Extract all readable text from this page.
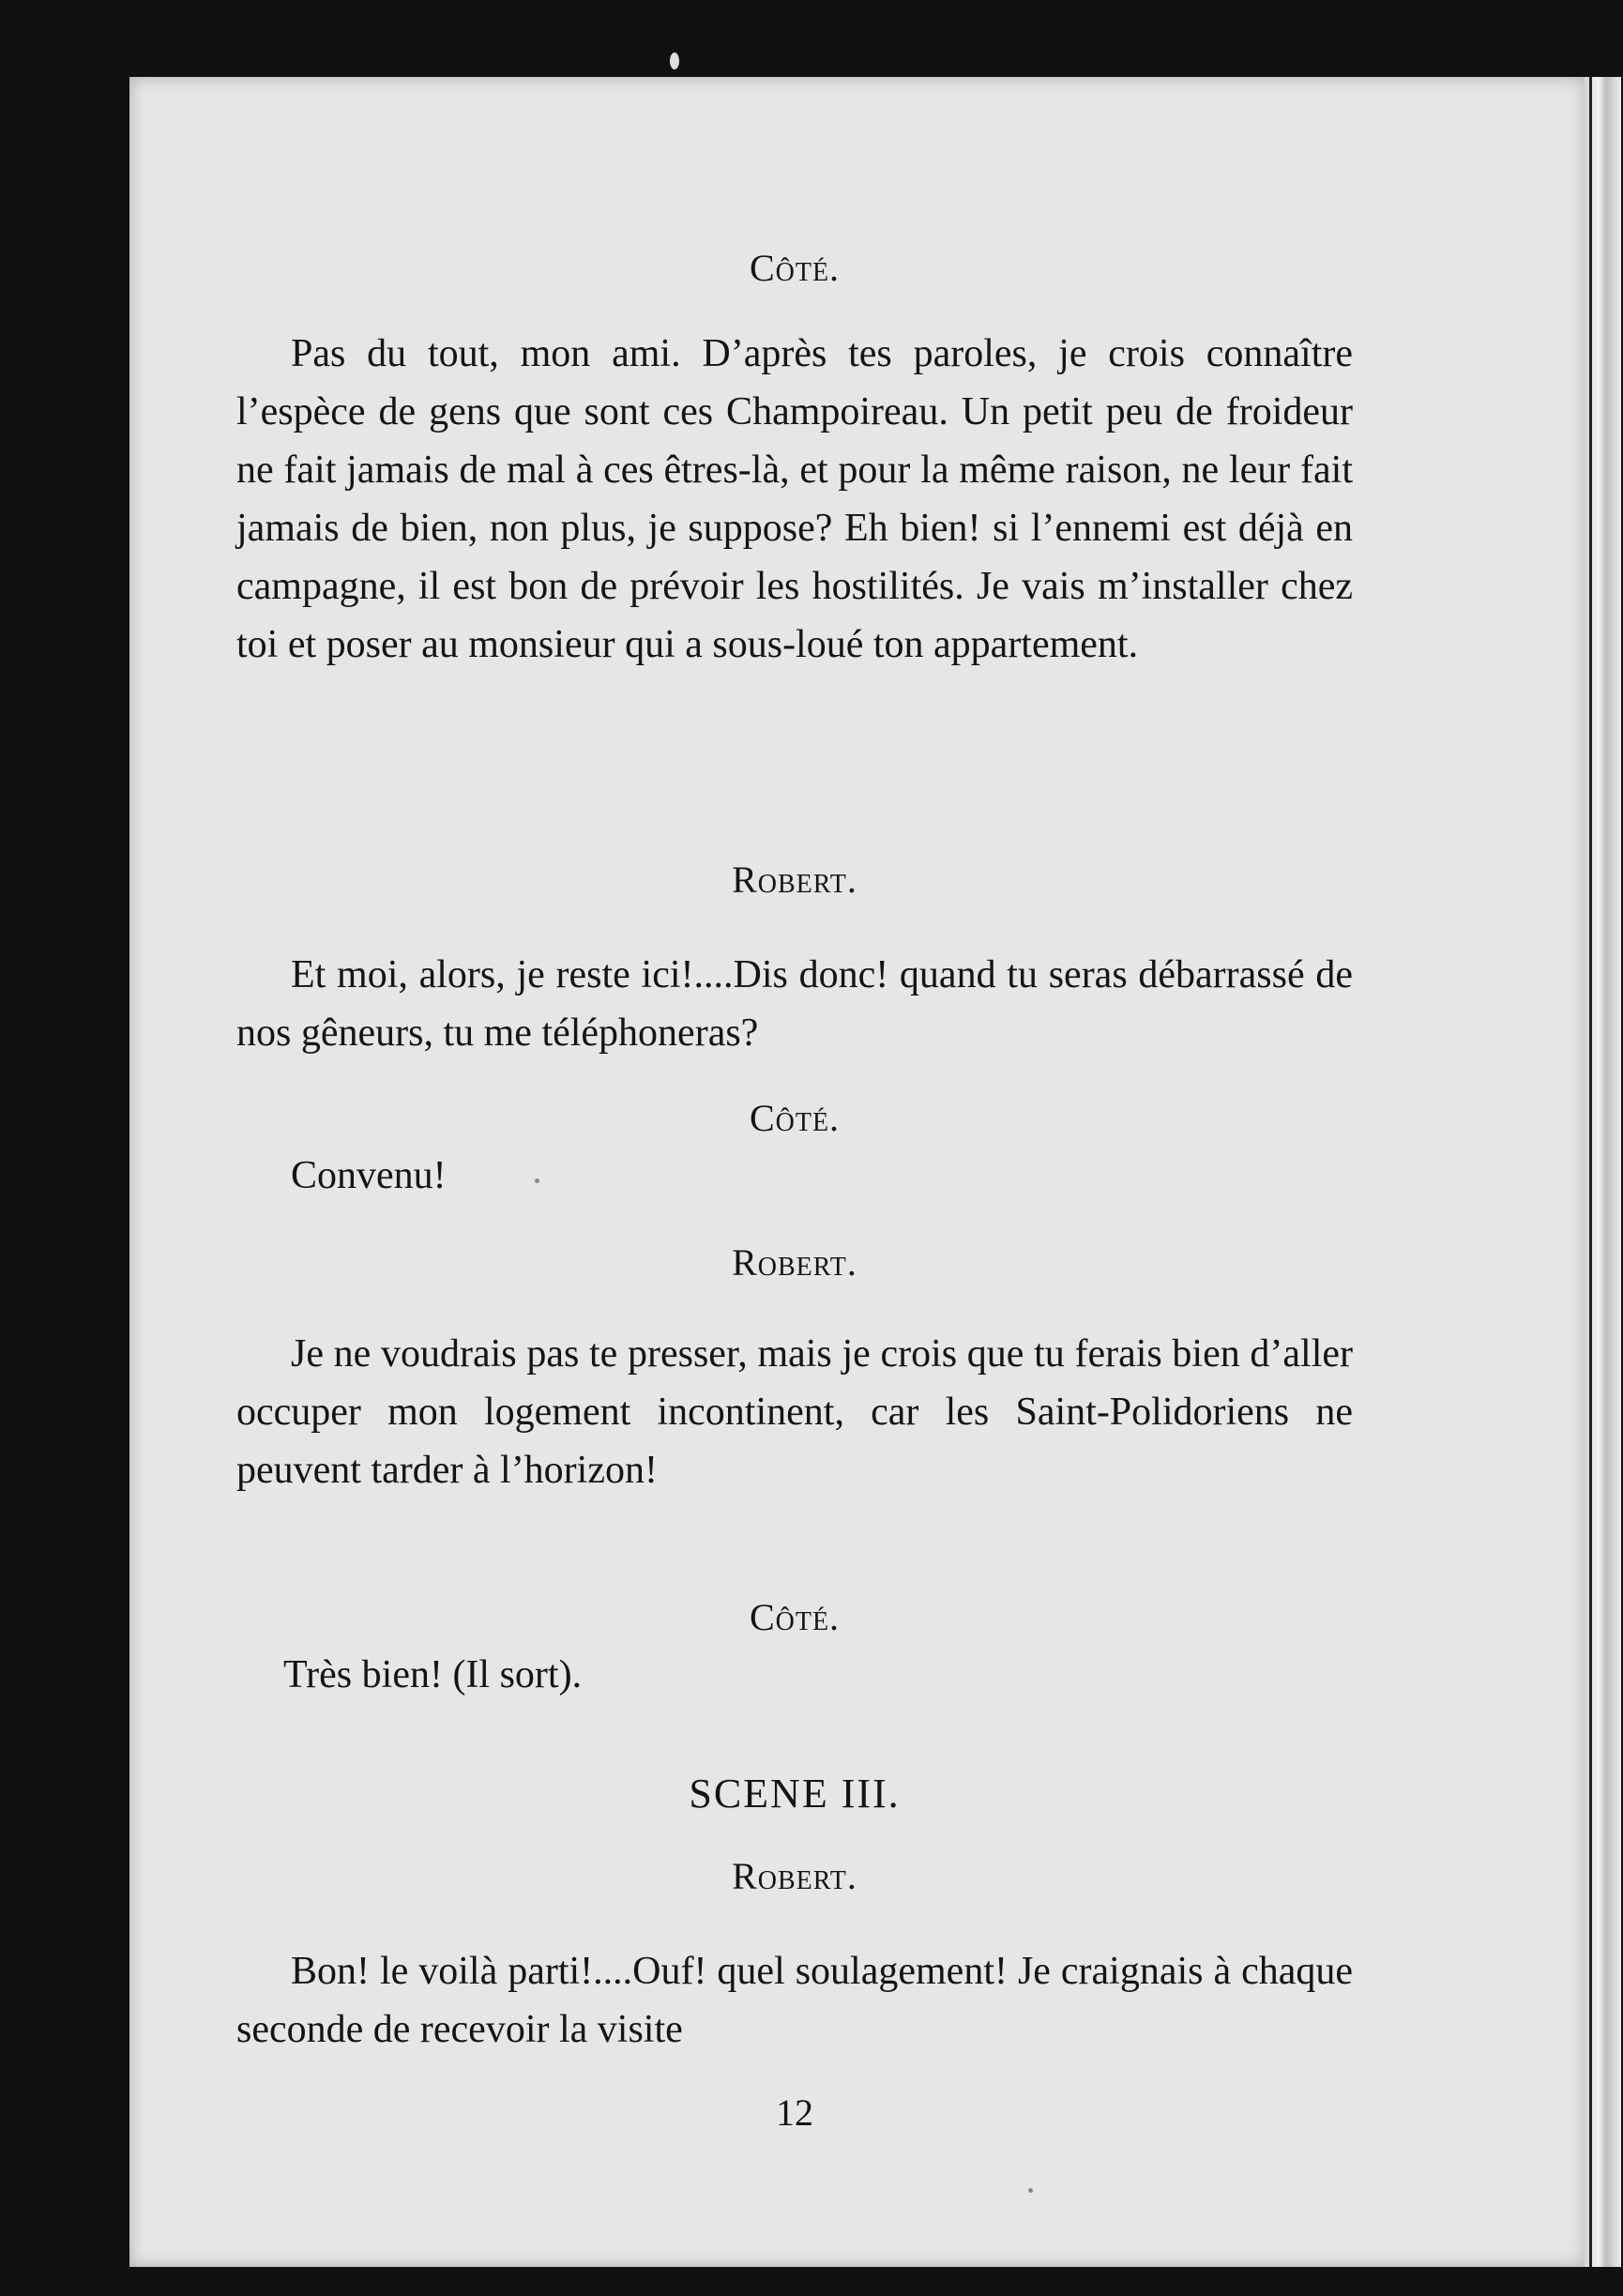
Côté.

Pas du tout, mon ami. D’après tes paroles, je crois connaître l’espèce de gens que sont ces Champoireau. Un petit peu de froideur ne fait jamais de mal à ces êtres-là, et pour la même raison, ne leur fait jamais de bien, non plus, je suppose? Eh bien! si l’ennemi est déjà en campagne, il est bon de prévoir les hostilités. Je vais m’installer chez toi et poser au monsieur qui a sous-loué ton appartement.

Robert.

Et moi, alors, je reste ici!....Dis donc! quand tu seras débarrassé de nos gêneurs, tu me téléphoneras?

Côté.

Convenu!

Robert.

Je ne voudrais pas te presser, mais je crois que tu ferais bien d’aller occuper mon logement incontinent, car les Saint-Polidoriens ne peuvent tarder à l’horizon!

Côté.

Très bien! (Il sort).

SCENE III.
Robert.

Bon! le voilà parti!....Ouf! quel soulagement! Je craignais à chaque seconde de recevoir la visite

12
